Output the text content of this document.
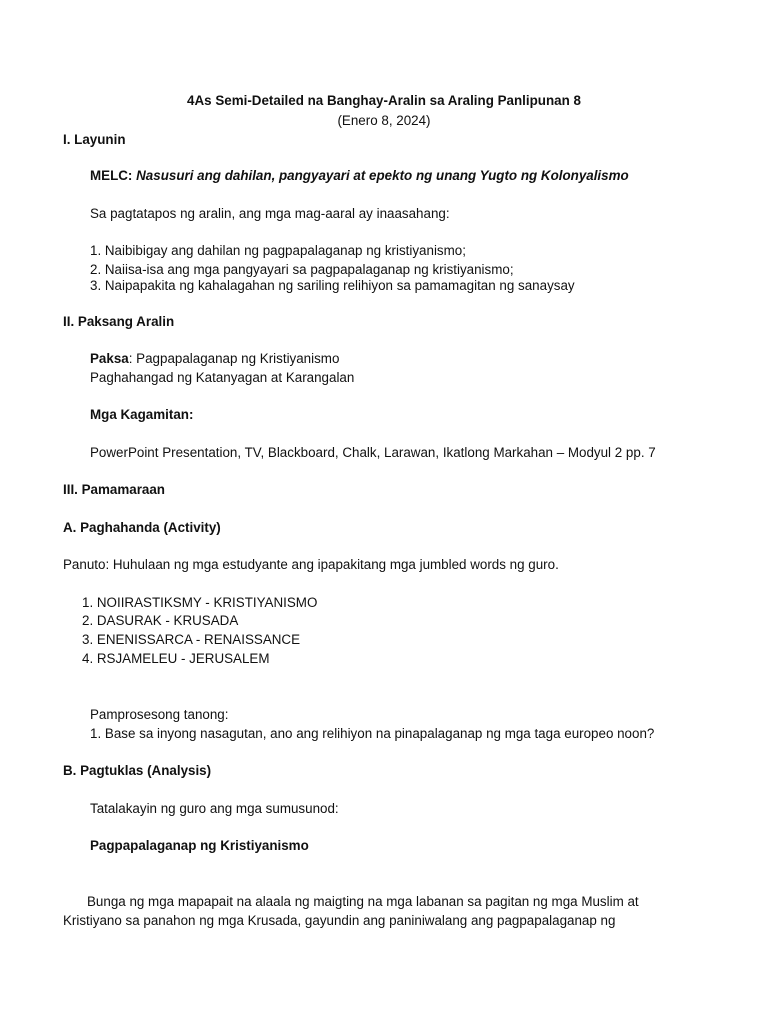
4As Semi-Detailed na Banghay-Aralin sa Araling Panlipunan 8
(Enero 8, 2024)
I. Layunin
MELC: Nasusuri ang dahilan, pangyayari at epekto ng unang Yugto ng Kolonyalismo
Sa pagtatapos ng aralin, ang mga mag-aaral ay inaasahang:
1. Naibibigay ang dahilan ng pagpapalaganap ng kristiyanismo;
2. Naiisa-isa ang mga pangyayari sa pagpapalaganap ng kristiyanismo;
3. Naipapakita ng kahalagahan ng sariling relihiyon sa pamamagitan ng sanaysay
II. Paksang Aralin
Paksa: Pagpapalaganap ng Kristiyanismo
Paghahangad ng Katanyagan at Karangalan
Mga Kagamitan:
PowerPoint Presentation, TV, Blackboard, Chalk, Larawan, Ikatlong Markahan – Modyul 2 pp. 7
III. Pamamaraan
A. Paghahanda (Activity)
Panuto: Huhulaan ng mga estudyante ang ipapakitang mga jumbled words ng guro.
1. NOIIRASTIKSMY - KRISTIYANISMO
2. DASURAK - KRUSADA
3. ENENISSARCA - RENAISSANCE
4. RSJAMELEU - JERUSALEM
Pamprosesong tanong:
1. Base sa inyong nasagutan, ano ang relihiyon na pinapalaganap ng mga taga europeo noon?
B. Pagtuklas (Analysis)
Tatalakayin ng guro ang mga sumusunod:
Pagpapalaganap ng Kristiyanismo
Bunga ng mga mapapait na alaala ng maigting na mga labanan sa pagitan ng mga Muslim at
Kristiyano sa panahon ng mga Krusada, gayundin ang paniniwalang ang pagpapalaganap ng
